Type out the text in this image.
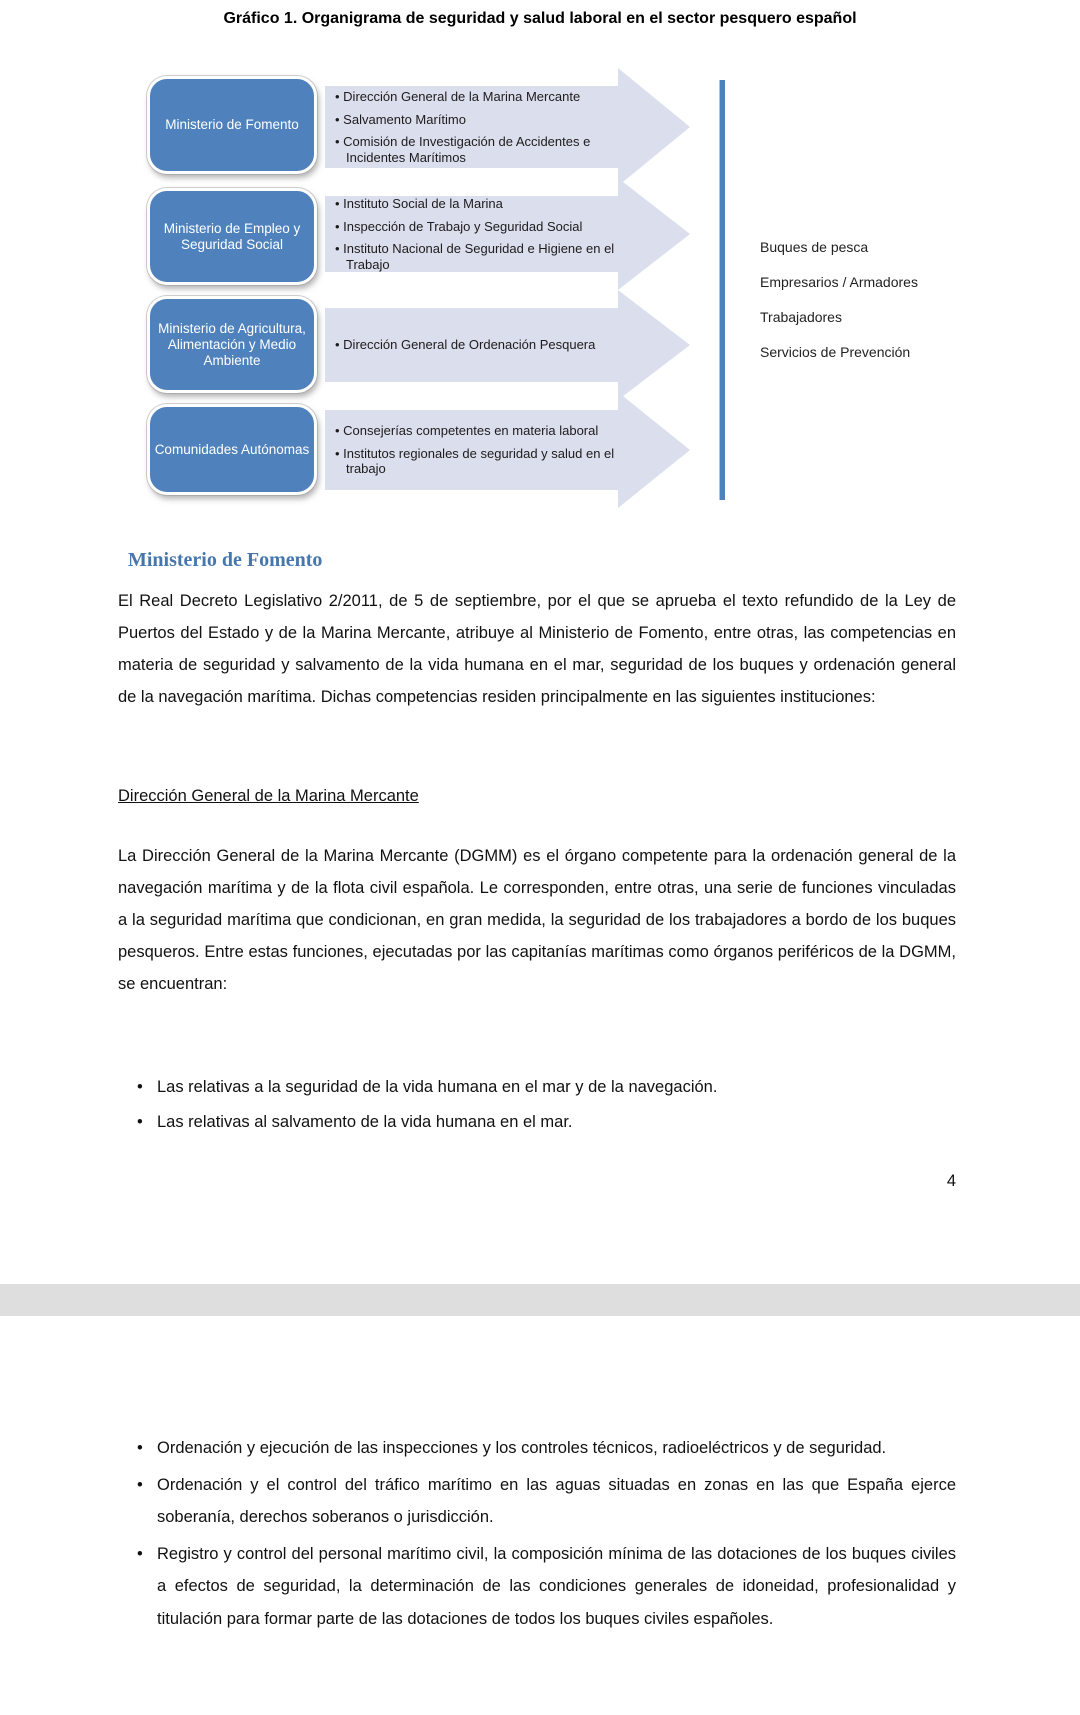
Gráfico 1. Organigrama de seguridad y salud laboral en el sector pesquero español
Ministerio de Fomento
• Dirección General de la Marina Mercante
• Salvamento Marítimo
• Comisión de Investigación de Accidentes e Incidentes Marítimos
Ministerio de Empleo y Seguridad Social
• Instituto Social de la Marina
• Inspección de Trabajo y Seguridad Social
• Instituto Nacional de Seguridad e Higiene en el Trabajo
Ministerio de Agricultura, Alimentación y Medio Ambiente
• Dirección General de Ordenación Pesquera
Comunidades Autónomas
• Consejerías competentes en materia laboral
• Institutos regionales de seguridad y salud en el trabajo
Buques de pesca
Empresarios / Armadores
Trabajadores
Servicios de Prevención
Ministerio de Fomento

El Real Decreto Legislativo 2/2011, de 5 de septiembre, por el que se aprueba el texto refundido de la Ley de Puertos del Estado y de la Marina Mercante, atribuye al Ministerio de Fomento, entre otras, las competencias en materia de seguridad y salvamento de la vida humana en el mar, seguridad de los buques y ordenación general de la navegación marítima. Dichas competencias residen principalmente en las siguientes instituciones:

Dirección General de la Marina Mercante

La Dirección General de la Marina Mercante (DGMM) es el órgano competente para la ordenación general de la navegación marítima y de la flota civil española. Le corresponden, entre otras, una serie de funciones vinculadas a la seguridad marítima que condicionan, en gran medida, la seguridad de los trabajadores a bordo de los buques pesqueros. Entre estas funciones, ejecutadas por las capitanías marítimas como órganos periféricos de la DGMM, se encuentran:

• Las relativas a la seguridad de la vida humana en el mar y de la navegación.
• Las relativas al salvamento de la vida humana en el mar.
4
• Ordenación y ejecución de las inspecciones y los controles técnicos, radioeléctricos y de seguridad.
• Ordenación y el control del tráfico marítimo en las aguas situadas en zonas en las que España ejerce soberanía, derechos soberanos o jurisdicción.
• Registro y control del personal marítimo civil, la composición mínima de las dotaciones de los buques civiles a efectos de seguridad, la determinación de las condiciones generales de idoneidad, profesionalidad y titulación para formar parte de las dotaciones de todos los buques civiles españoles.
